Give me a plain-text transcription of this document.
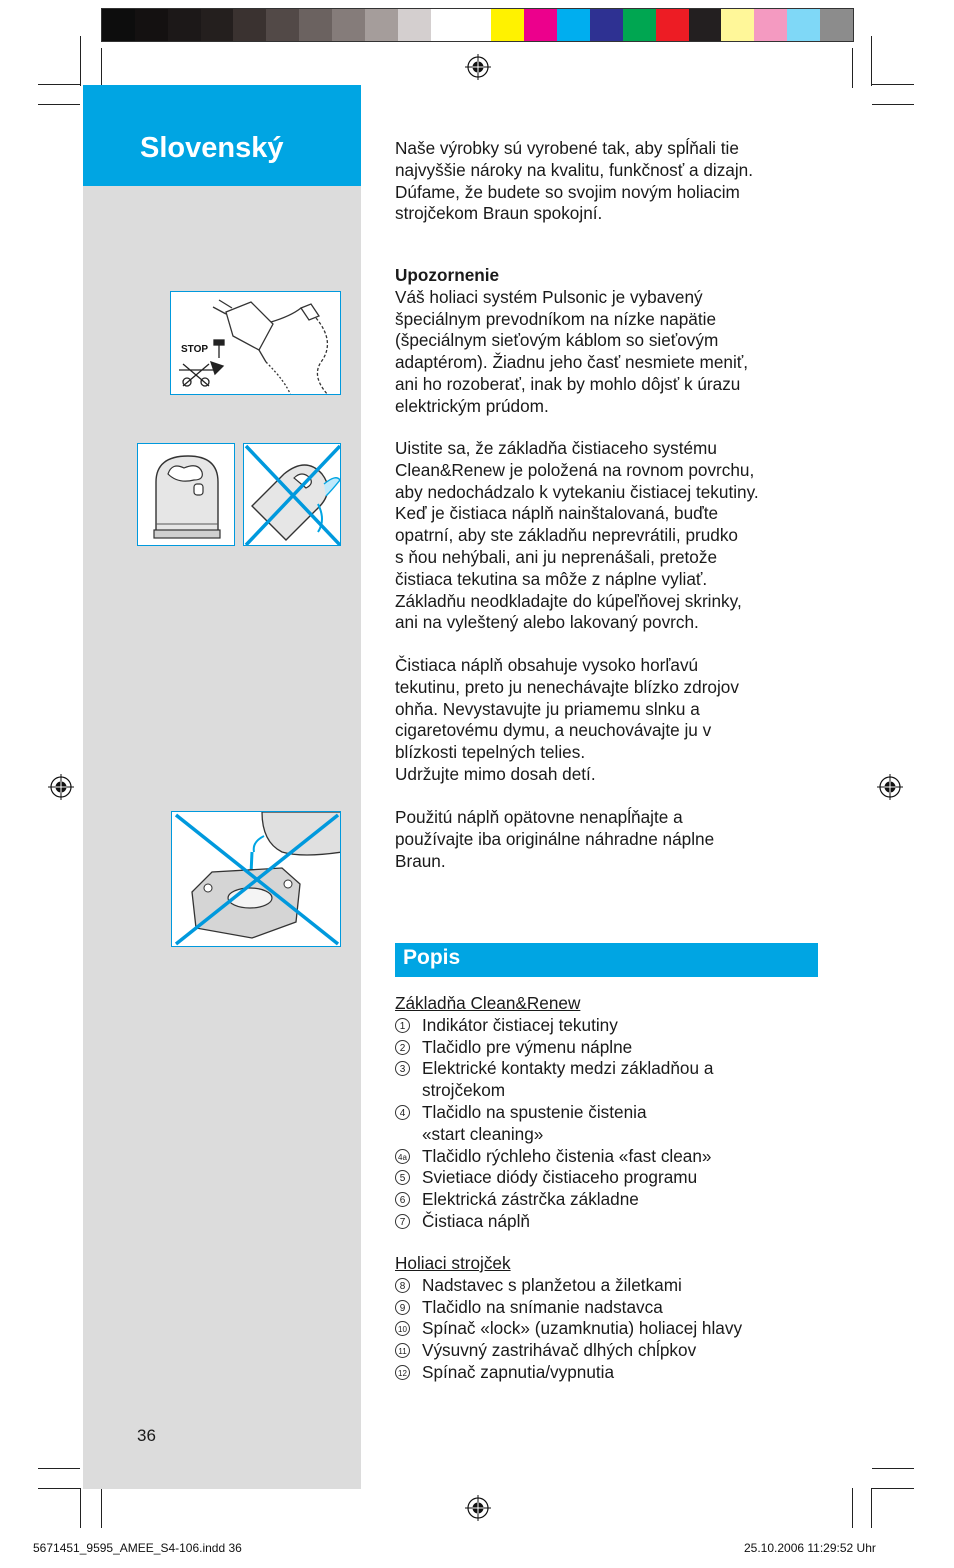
Slovenský
STOP
36

Naše výrobky sú vyrobené tak, aby spĺňali tie
najvyššie nároky na kvalitu, funkčnosť a dizajn.
Dúfame, že budete so svojim novým holiacim
strojčekom Braun spokojní.

Upozornenie

Váš holiaci systém Pulsonic je vybavený
špeciálnym prevodníkom na nízke napätie
(špeciálnym sieťovým káblom so sieťovým
adaptérom). Žiadnu jeho časť nesmiete meniť,
ani ho rozoberať, inak by mohlo dôjsť k úrazu
elektrickým prúdom.

Uistite sa, že základňa čistiaceho systému
Clean&Renew je položená na rovnom povrchu,
aby nedochádzalo k vytekaniu čistiacej tekutiny.
Keď je čistiaca náplň nainštalovaná, buďte
opatrní, aby ste základňu neprevrátili, prudko
s ňou nehýbali, ani ju neprenášali, pretože
čistiaca tekutina sa môže z náplne vyliať.
Základňu neodkladajte do kúpeľňovej skrinky,
ani na vyleštený alebo lakovaný povrch.

Čistiaca náplň obsahuje vysoko horľavú
tekutinu, preto ju nenechávajte blízko zdrojov
ohňa. Nevystavujte ju priamemu slnku a
cigaretovému dymu, a neuchovávajte ju v
blízkosti tepelných telies.
Udržujte mimo dosah detí.

Použitú náplň opätovne nenapĺňajte a
používajte iba originálne náhradne náplne
Braun.

Popis

Základňa Clean&Renew

1 Indikátor čistiacej tekutiny

2 Tlačidlo pre výmenu náplne

3 Elektrické kontakty medzi základňou a
strojčekom

4 Tlačidlo na spustenie čistenia
«start cleaning»

4a Tlačidlo rýchleho čistenia «fast clean»

5 Svietiace diódy čistiaceho programu

6 Elektrická zástrčka základne

7 Čistiaca náplň

Holiaci strojček

8 Nadstavec s planžetou a žiletkami

9 Tlačidlo na snímanie nadstavca

10 Spínač «lock» (uzamknutia) holiacej hlavy

11 Výsuvný zastrihávač dlhých chĺpkov

12 Spínač zapnutia/vypnutia

5671451_9595_AMEE_S4-106.indd 36	25.10.2006 11:29:52 Uhr
